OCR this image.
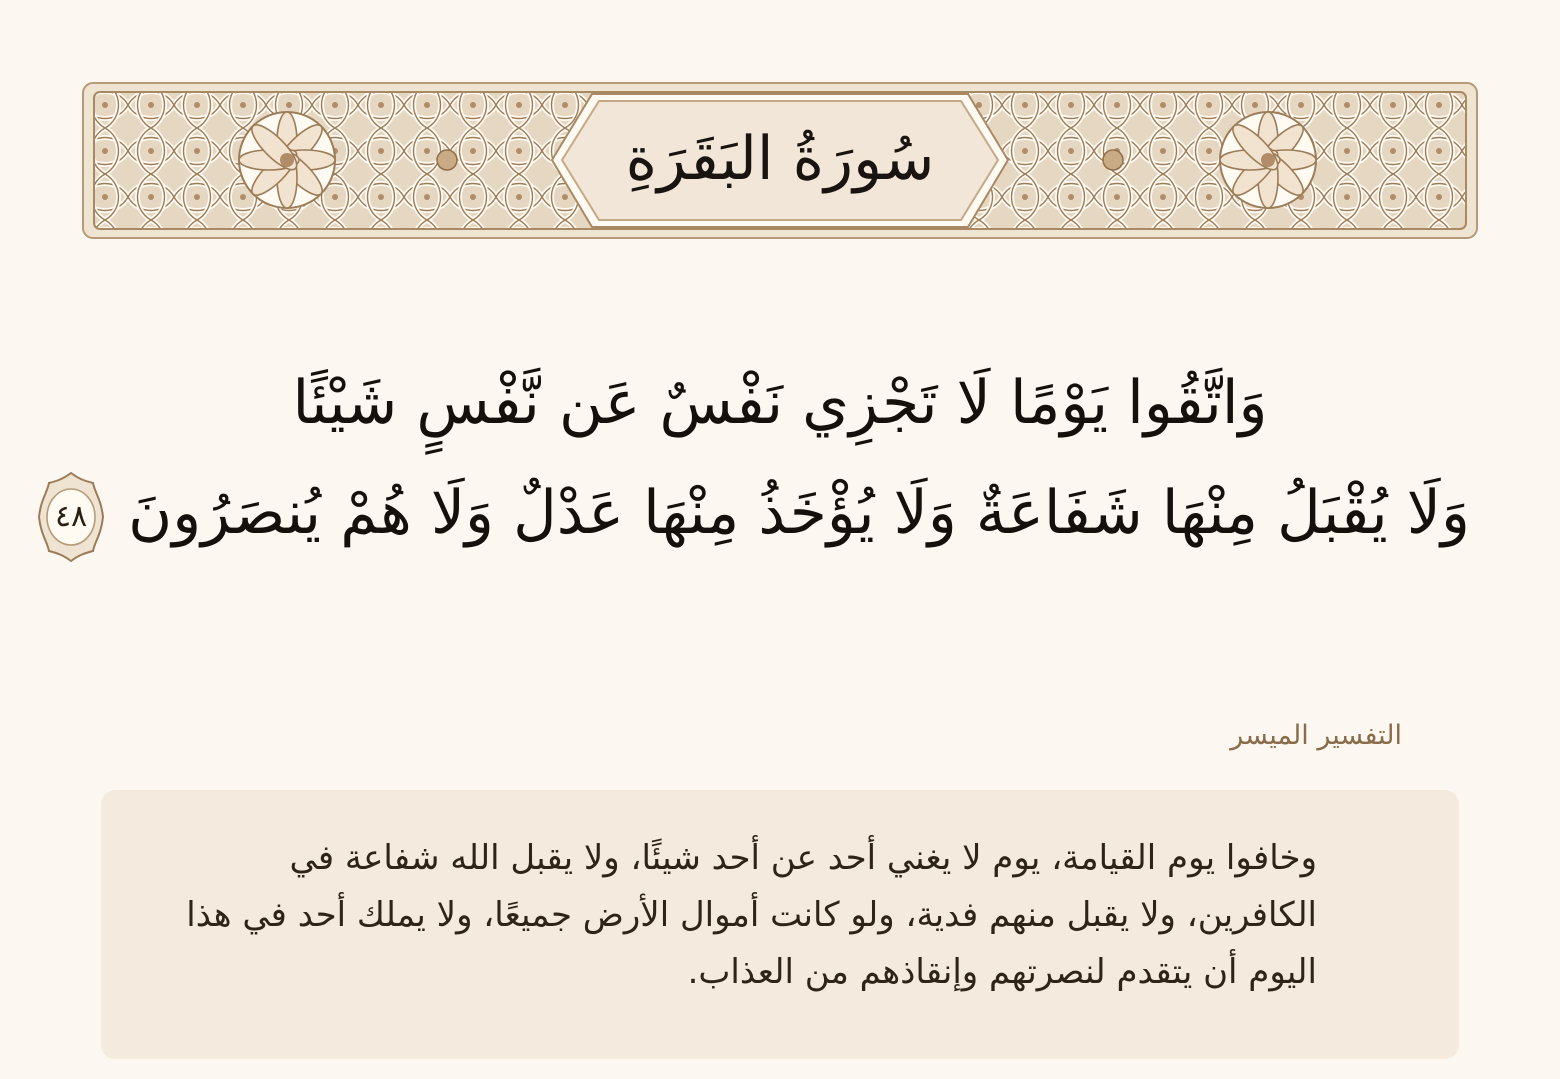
سُورَةُ البَقَرَةِ
وَاتَّقُوا يَوْمًا لَا تَجْزِي نَفْسٌ عَن نَّفْسٍ شَيْئًا
وَلَا يُقْبَلُ مِنْهَا شَفَاعَةٌ وَلَا يُؤْخَذُ مِنْهَا عَدْلٌ وَلَا هُمْ يُنصَرُونَ
٤٨
التفسير الميسر

وخافوا يوم القيامة، يوم لا يغني أحد عن أحد شيئًا، ولا يقبل الله شفاعة في الكافرين، ولا يقبل منهم فدية، ولو كانت أموال الأرض جميعًا، ولا يملك أحد في هذا اليوم أن يتقدم لنصرتهم وإنقاذهم من العذاب.
